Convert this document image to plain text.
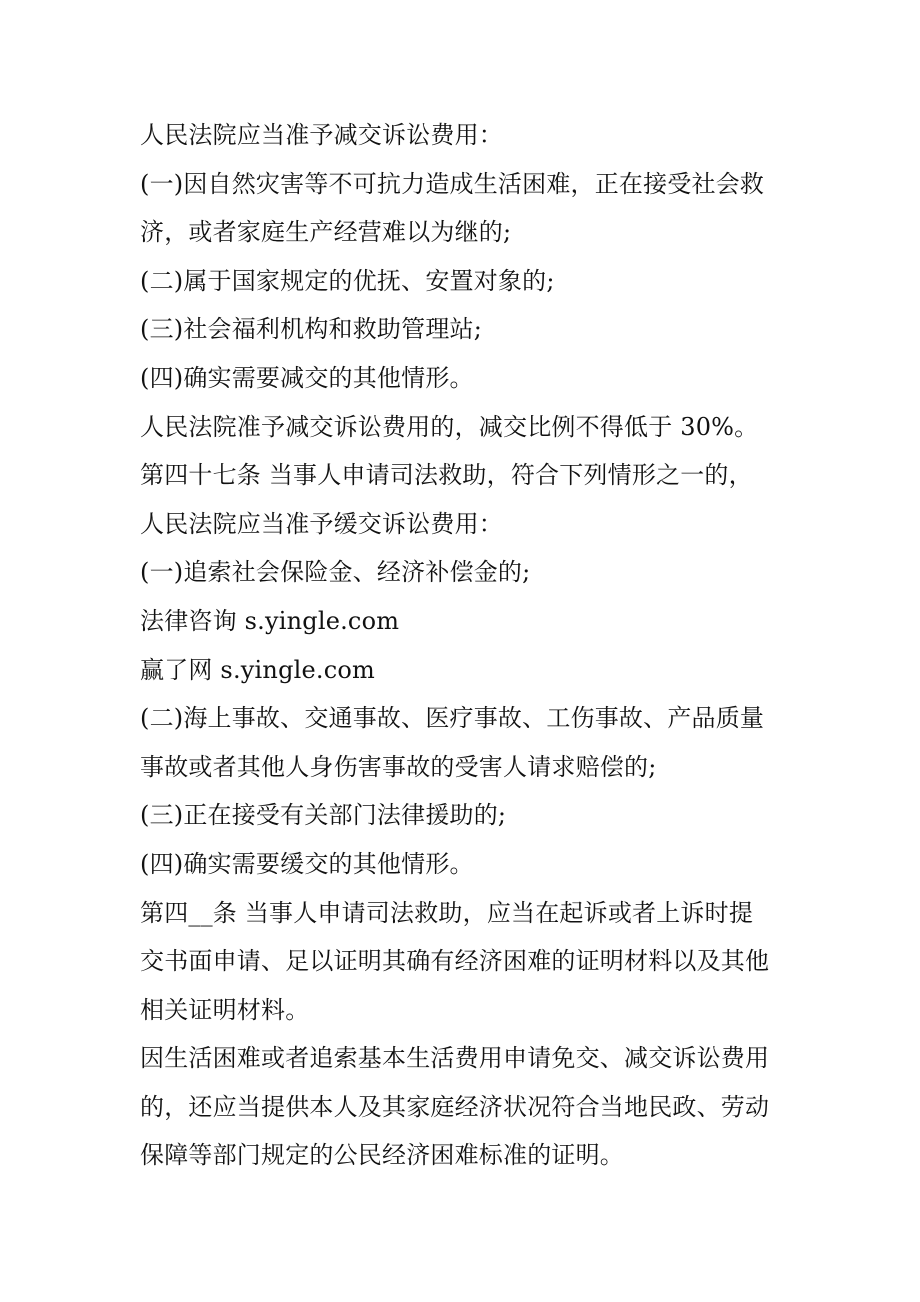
人民法院应当准予减交诉讼费用：
(一)因自然灾害等不可抗力造成生活困难，正在接受社会救
济，或者家庭生产经营难以为继的;
(二)属于国家规定的优抚、安置对象的;
(三)社会福利机构和救助管理站;
(四)确实需要减交的其他情形。
人民法院准予减交诉讼费用的，减交比例不得低于 30%。
第四十七条 当事人申请司法救助，符合下列情形之一的，
人民法院应当准予缓交诉讼费用：
(一)追索社会保险金、经济补偿金的;
法律咨询 s.yingle.com
赢了网 s.yingle.com
(二)海上事故、交通事故、医疗事故、工伤事故、产品质量
事故或者其他人身伤害事故的受害人请求赔偿的;
(三)正在接受有关部门法律援助的;
(四)确实需要缓交的其他情形。
第四__条 当事人申请司法救助，应当在起诉或者上诉时提
交书面申请、足以证明其确有经济困难的证明材料以及其他
相关证明材料。
因生活困难或者追索基本生活费用申请免交、减交诉讼费用
的，还应当提供本人及其家庭经济状况符合当地民政、劳动
保障等部门规定的公民经济困难标准的证明。
